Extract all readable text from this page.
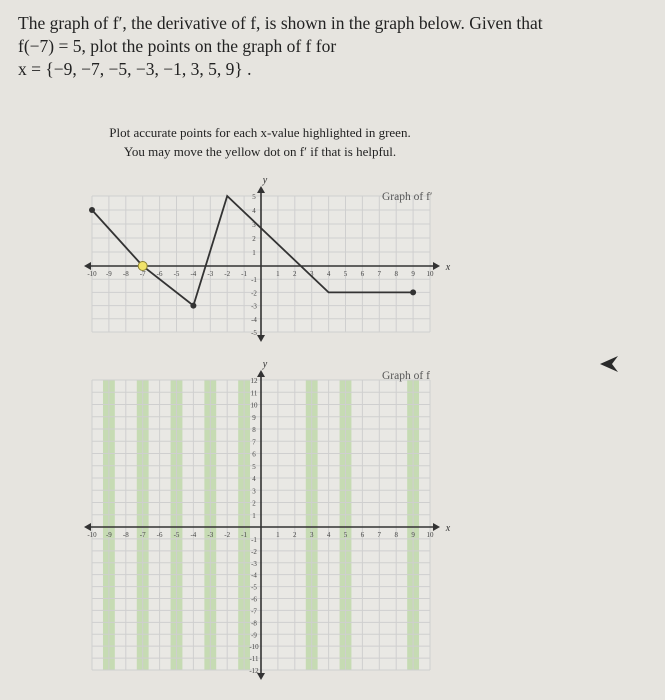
The graph of f′, the derivative of f, is shown in the graph below. Given that
f(−7) = 5, plot the points on the graph of f for
x = {−9, −7, −5, −3, −1, 3, 5, 9} .
Plot accurate points for each x-value highlighted in green.
You may move the yellow dot on f′ if that is helpful.
x
y
-10 -9 -8 -7 -6 -5 -4 -3 -2 -1	1 2 3 4 5 6 7 8 9 10
5
4
3
2
1
-1
-2
-3
-4
-5
Graph of f′
x
y
-10 -9 -8 -7 -6 -5 -4 -3 -2 -1	1 2 3 4 5 6 7 8 9 10
12
11
10
9
8
7
6
5
4
3
2
1
-1
-2
-3
-4
-5
-6
-7
-8
-9
-10
-11
-12
Graph of f
